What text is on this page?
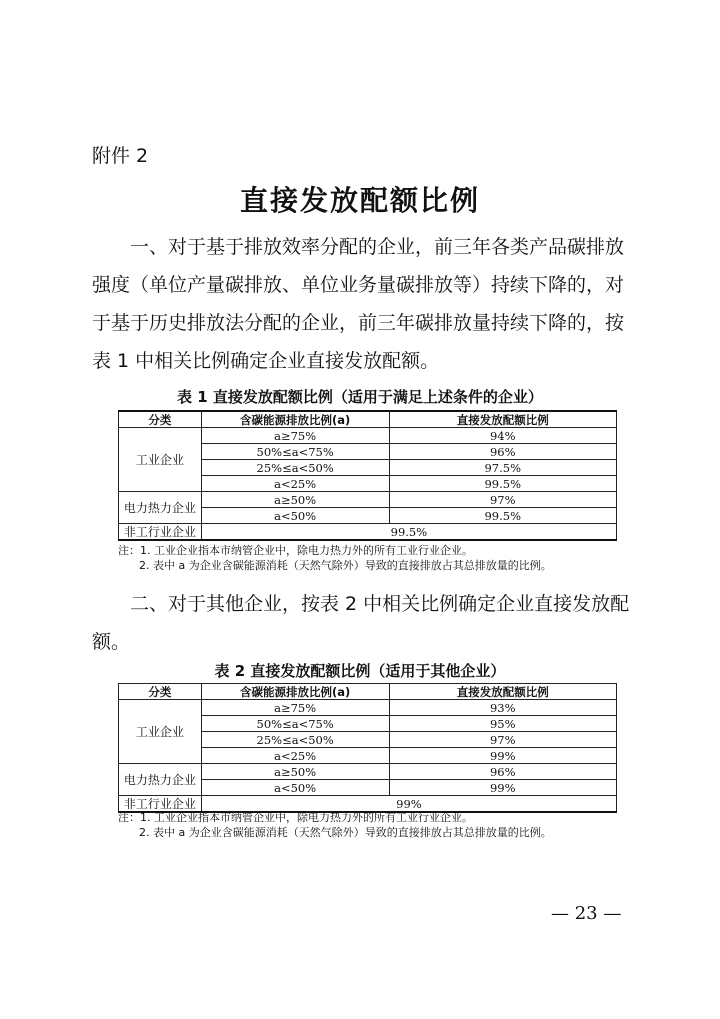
附件 2
直接发放配额比例
一、对于基于排放效率分配的企业，前三年各类产品碳排放
强度（单位产量碳排放、单位业务量碳排放等）持续下降的，对
于基于历史排放法分配的企业，前三年碳排放量持续下降的，按
表 1 中相关比例确定企业直接发放配额。
表 1 直接发放配额比例（适用于满足上述条件的企业）
分类	含碳能源排放比例(a)	直接发放配额比例
工业企业	a≥75%	94%
	50%≤a<75%	96%
	25%≤a<50%	97.5%
	a<25%	99.5%
电力热力企业	a≥50%	97%
	a<50%	99.5%
非工行业企业	99.5%	
注：1. 工业企业指本市纳管企业中，除电力热力外的所有工业行业企业。
2. 表中 a 为企业含碳能源消耗（天然气除外）导致的直接排放占其总排放量的比例。
二、对于其他企业，按表 2 中相关比例确定企业直接发放配
额。
表 2 直接发放配额比例（适用于其他企业）
分类	含碳能源排放比例(a)	直接发放配额比例
工业企业	a≥75%	93%
	50%≤a<75%	95%
	25%≤a<50%	97%
	a<25%	99%
电力热力企业	a≥50%	96%
	a<50%	99%
非工行业企业	99%	
注：1. 工业企业指本市纳管企业中，除电力热力外的所有工业行业企业。
2. 表中 a 为企业含碳能源消耗（天然气除外）导致的直接排放占其总排放量的比例。
— 23 —
